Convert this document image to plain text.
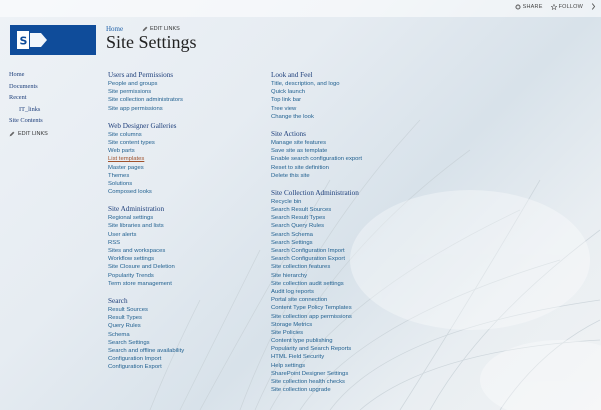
SHARE	FOLLOW
S
Home	EDIT LINKS
Site Settings
Home
Documents
Recent
IT_links
Site Contents
EDIT LINKS
Users and Permissions
People and groups
Site permissions
Site collection administrators
Site app permissions
Web Designer Galleries
Site columns
Site content types
Web parts
List templates
Master pages
Themes
Solutions
Composed looks
Site Administration
Regional settings
Site libraries and lists
User alerts
RSS
Sites and workspaces
Workflow settings
Site Closure and Deletion
Popularity Trends
Term store management
Search
Result Sources
Result Types
Query Rules
Schema
Search Settings
Search and offline availability
Configuration Import
Configuration Export
Look and Feel
Title, description, and logo
Quick launch
Top link bar
Tree view
Change the look
Site Actions
Manage site features
Save site as template
Enable search configuration export
Reset to site definition
Delete this site
Site Collection Administration
Recycle bin
Search Result Sources
Search Result Types
Search Query Rules
Search Schema
Search Settings
Search Configuration Import
Search Configuration Export
Site collection features
Site hierarchy
Site collection audit settings
Audit log reports
Portal site connection
Content Type Policy Templates
Site collection app permissions
Storage Metrics
Site Policies
Content type publishing
Popularity and Search Reports
HTML Field Security
Help settings
SharePoint Designer Settings
Site collection health checks
Site collection upgrade
